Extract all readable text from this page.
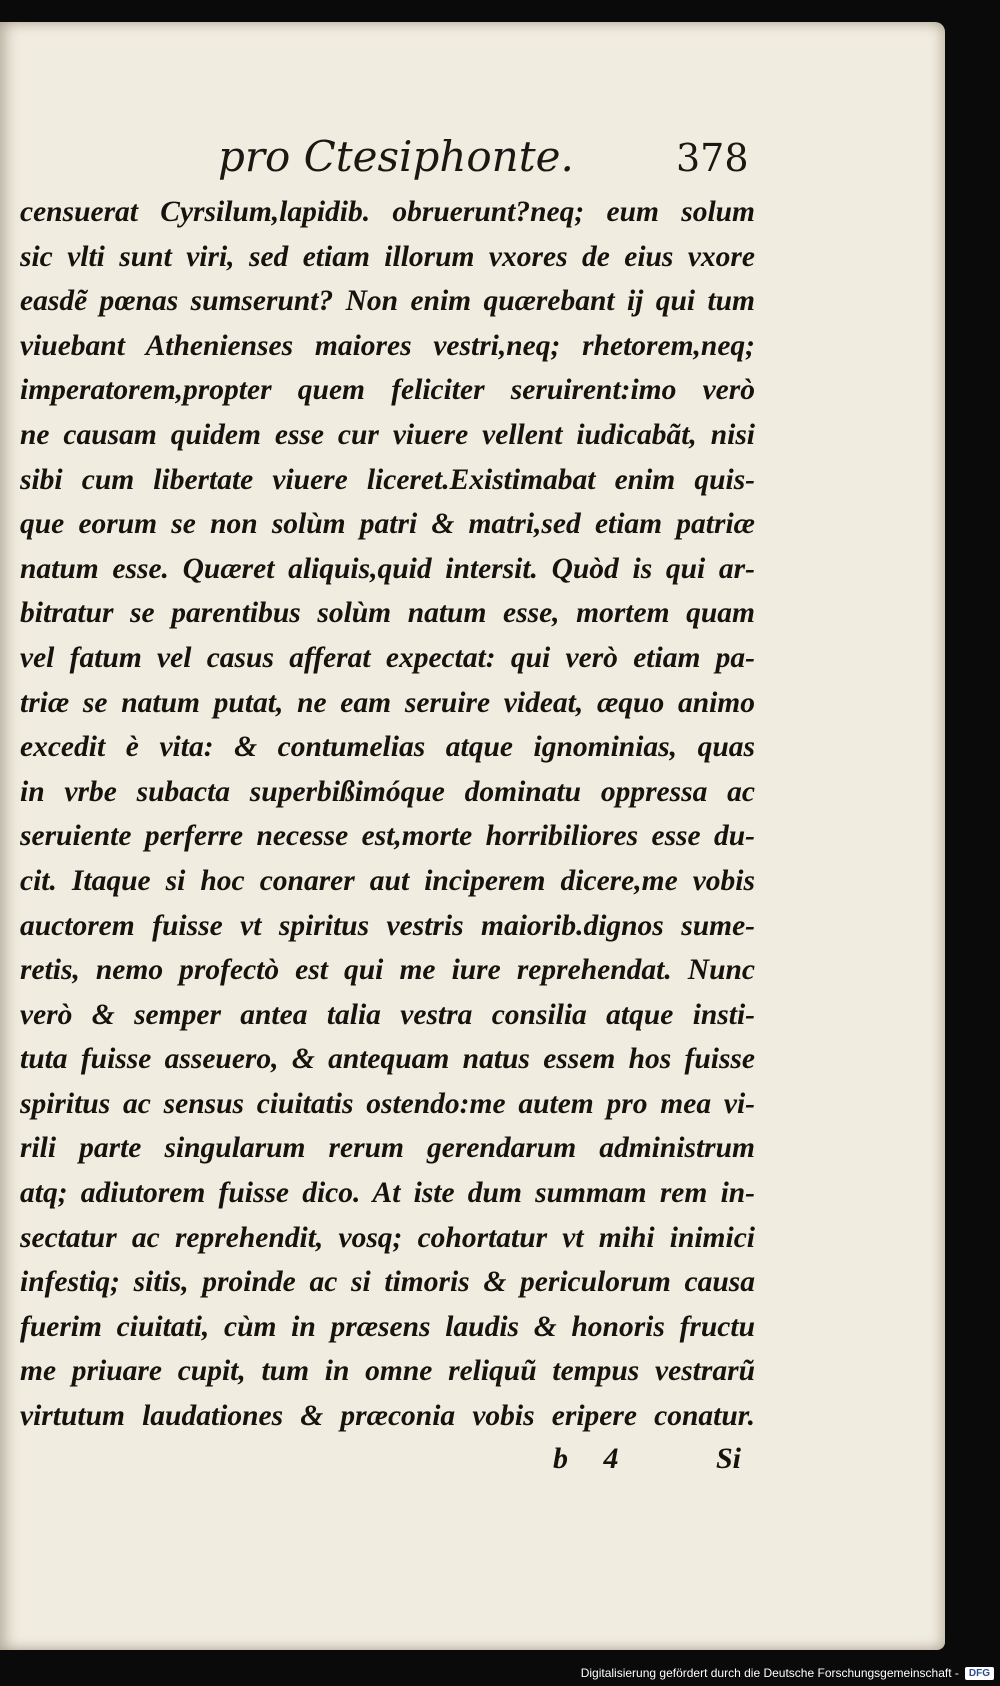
pro Ctesiphonte.	378
censuerat Cyrsilum,lapidib. obruerunt?neq; eum solum
sic vlti sunt viri, sed etiam illorum vxores de eius vxore
easdẽ pœnas sumserunt? Non enim quærebant ij qui tum
viuebant Athenienses maiores vestri,neq; rhetorem,neq;
imperatorem,propter quem feliciter seruirent:imo verò
ne causam quidem esse cur viuere vellent iudicabãt, nisi
sibi cum libertate viuere liceret.Existimabat enim quis-
que eorum se non solùm patri & matri,sed etiam patriæ
natum esse. Quæret aliquis,quid intersit. Quòd is qui ar-
bitratur se parentibus solùm natum esse, mortem quam
vel fatum vel casus afferat expectat: qui verò etiam pa-
triæ se natum putat, ne eam seruire videat, æquo animo
excedit è vita: & contumelias atque ignominias, quas
in vrbe subacta superbißimóque dominatu oppressa ac
seruiente perferre necesse est,morte horribiliores esse du-
cit. Itaque si hoc conarer aut inciperem dicere,me vobis
auctorem fuisse vt spiritus vestris maiorib.dignos sume-
retis, nemo profectò est qui me iure reprehendat. Nunc
verò & semper antea talia vestra consilia atque insti-
tuta fuisse asseuero, & antequam natus essem hos fuisse
spiritus ac sensus ciuitatis ostendo:me autem pro mea vi-
rili parte singularum rerum gerendarum administrum
atq; adiutorem fuisse dico. At iste dum summam rem in-
sectatur ac reprehendit, vosq; cohortatur vt mihi inimici
infestiq; sitis, proinde ac si timoris & periculorum causa
fuerim ciuitati, cùm in præsens laudis & honoris fructu
me priuare cupit, tum in omne reliquũ tempus vestrarũ
virtutum laudationes & præconia vobis eripere conatur.
b 4	Si
Digitalisierung gefördert durch die Deutsche Forschungsgemeinschaft -	DFG
